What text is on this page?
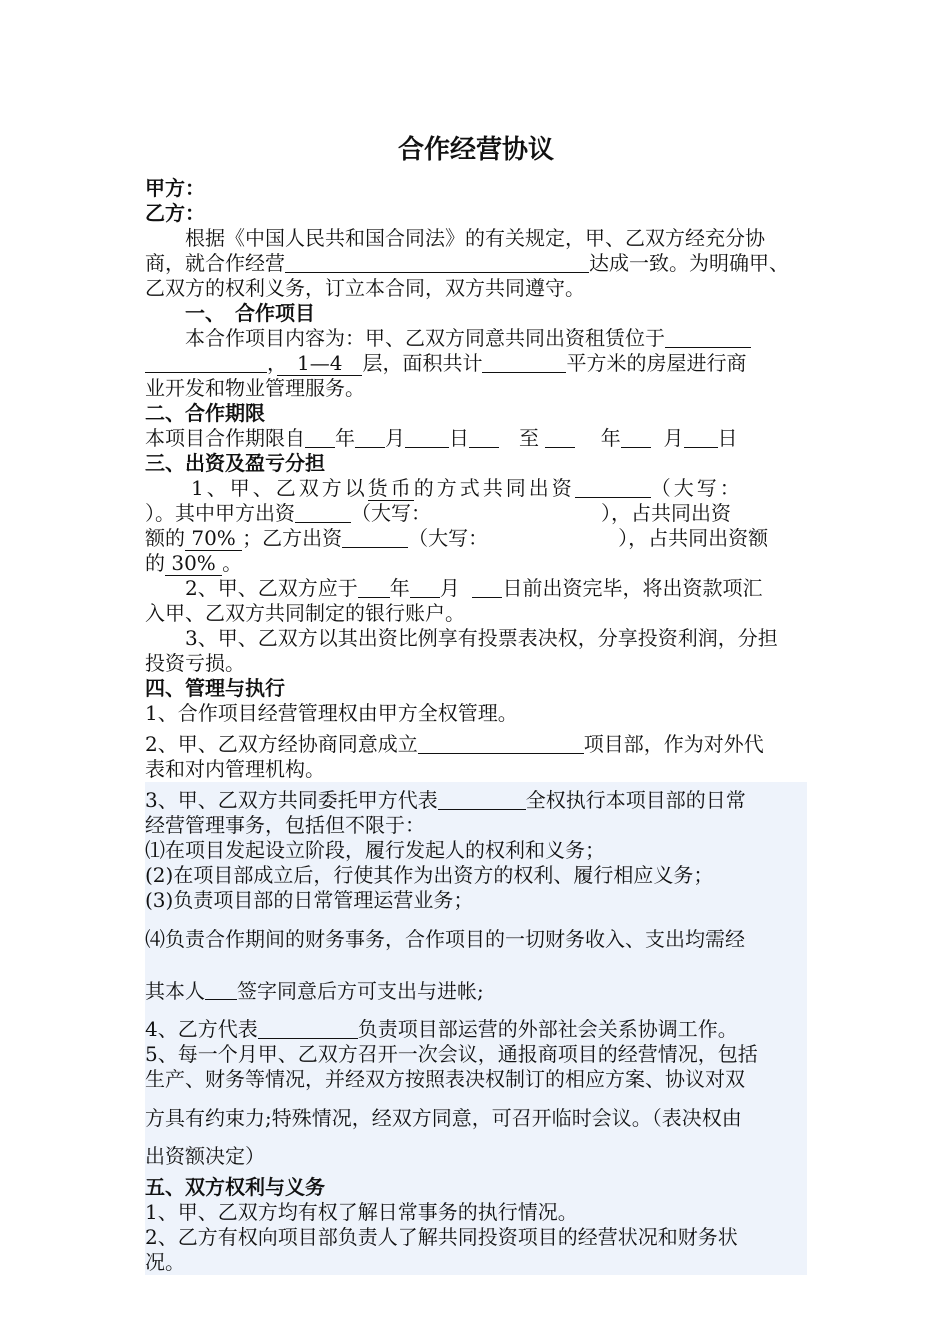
合作经营协议
甲方：
乙方：
　　根据《中国人民共和国合同法》的有关规定，甲、乙双方经充分协
商，就合作经营	达成一致。为明确甲、
乙双方的权利义务，订立本合同，双方共同遵守。
　　一、　合作项目
　　本合作项目内容为：甲、乙双方同意共同出资租赁位于
，　1—4　层，面积共计	平方米的房屋进行商
业开发和物业管理服务。
二、合作期限
本项目合作期限自 年 月 日　至	年 月 日
三、出资及盈亏分担
　　1、甲、乙双方以货币的方式共同出资	（大写：
）。其中甲方出资	（大写：　　　　　　　　　），占共同出资
额的 70% ；乙方出资	（大写：　　　　　　　），占共同出资额
的 30% 。
　　2、甲、乙双方应于 年 月 日前出资完毕，将出资款项汇
入甲、乙双方共同制定的银行账户。
　　3、甲、乙双方以其出资比例享有投票表决权，分享投资利润，分担
投资亏损。
四、管理与执行
1、合作项目经营管理权由甲方全权管理。
2、甲、乙双方经协商同意成立	项目部，作为对外代
表和对内管理机构。
3、甲、乙双方共同委托甲方代表	全权执行本项目部的日常
经营管理事务，包括但不限于：
⑴在项目发起设立阶段，履行发起人的权利和义务；
(2)在项目部成立后，行使其作为出资方的权利、履行相应义务；
(3)负责项目部的日常管理运营业务；
⑷负责合作期间的财务事务，合作项目的一切财务收入、支出均需经
其本人 签字同意后方可支出与进帐;
4、乙方代表	负责项目部运营的外部社会关系协调工作。
5、每一个月甲、乙双方召开一次会议，通报商项目的经营情况，包括
生产、财务等情况，并经双方按照表决权制订的相应方案、协议对双
方具有约束力;特殊情况，经双方同意，可召开临时会议。（表决权由
出资额决定）
五、双方权利与义务
1、甲、乙双方均有权了解日常事务的执行情况。
2、乙方有权向项目部负责人了解共同投资项目的经营状况和财务状
况。
